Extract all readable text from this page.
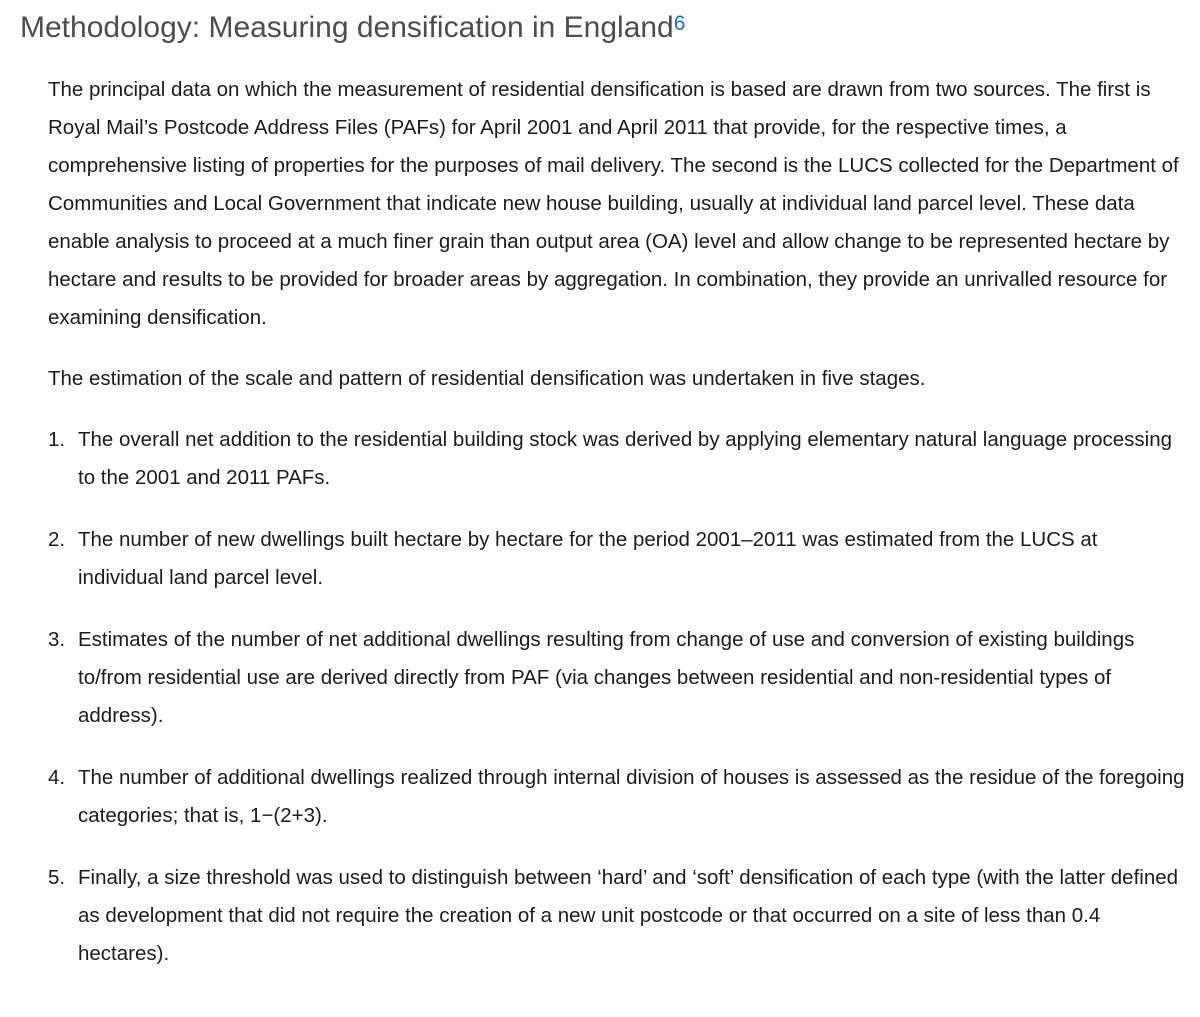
Methodology: Measuring densification in England$^6$

The principal data on which the measurement of residential densification is based are drawn from two sources. The first is Royal Mail’s Postcode Address Files (PAFs) for April 2001 and April 2011 that provide, for the respective times, a comprehensive listing of properties for the purposes of mail delivery. The second is the LUCS collected for the Department of Communities and Local Government that indicate new house building, usually at individual land parcel level. These data enable analysis to proceed at a much finer grain than output area (OA) level and allow change to be represented hectare by hectare and results to be provided for broader areas by aggregation. In combination, they provide an unrivalled resource for examining densification.

The estimation of the scale and pattern of residential densification was undertaken in five stages.

1. The overall net addition to the residential building stock was derived by applying elementary natural language processing to the 2001 and 2011 PAFs.
2. The number of new dwellings built hectare by hectare for the period 2001–2011 was estimated from the LUCS at individual land parcel level.
3. Estimates of the number of net additional dwellings resulting from change of use and conversion of existing buildings to/from residential use are derived directly from PAF (via changes between residential and non-residential types of address).
4. The number of additional dwellings realized through internal division of houses is assessed as the residue of the foregoing categories; that is, 1−(2+3).
5. Finally, a size threshold was used to distinguish between ‘hard’ and ‘soft’ densification of each type (with the latter defined as development that did not require the creation of a new unit postcode or that occurred on a site of less than 0.4 hectares).
